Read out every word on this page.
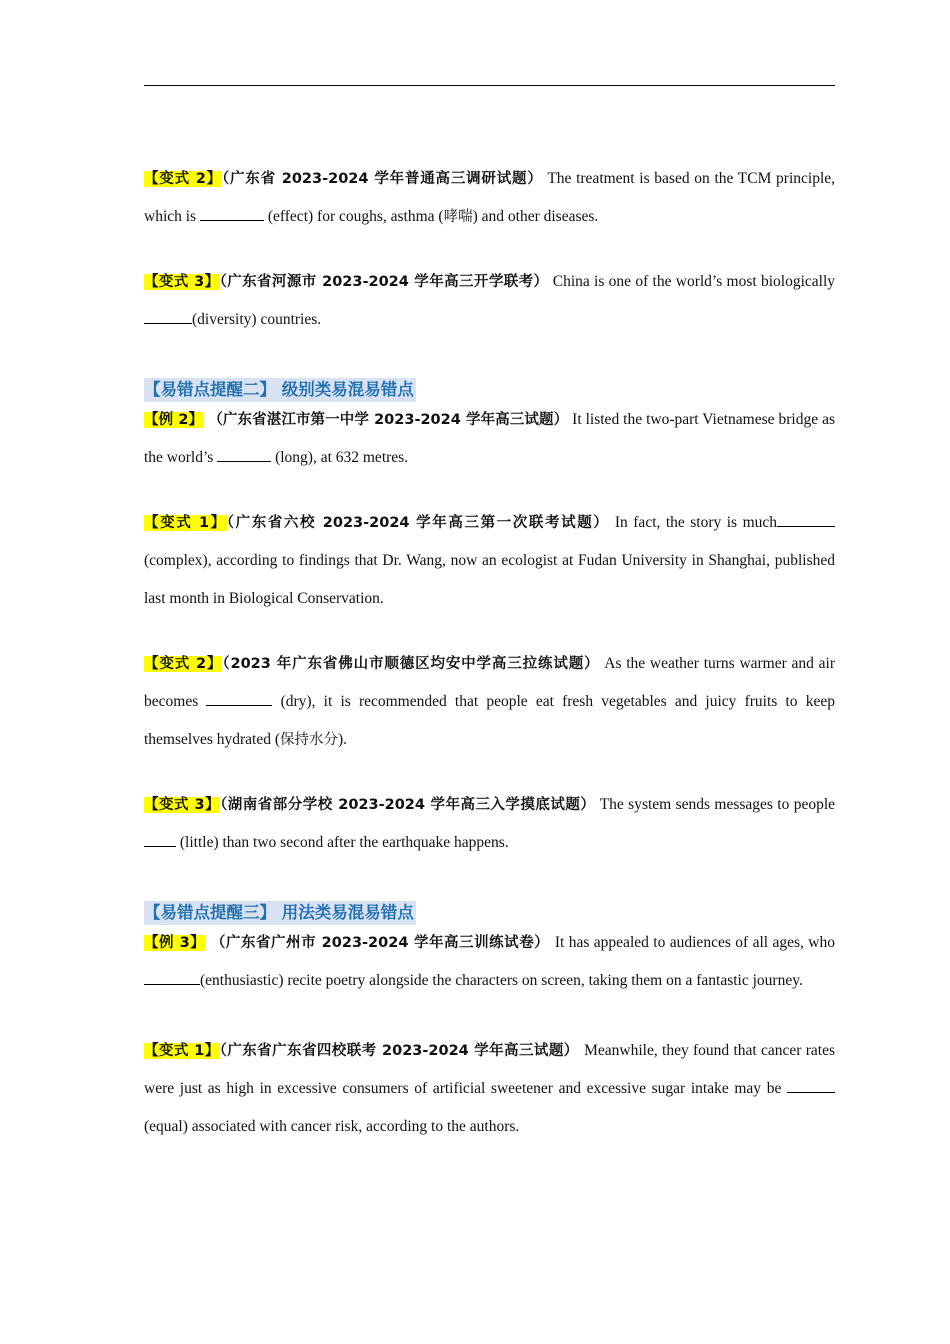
【变式 2】（广东省 2023-2024 学年普通高三调研试题） The treatment is based on the TCM principle, which is	(effect) for coughs, asthma (哮喘) and other diseases.

【变式 3】（广东省河源市 2023-2024 学年高三开学联考） China is one of the world’s most biologically (diversity) countries.

【易错点提醒二】 级别类易混易错点

【例 2】 （广东省湛江市第一中学 2023-2024 学年高三试题） It listed the two-part Vietnamese bridge as the world’s	(long), at 632 metres.

【变式 1】（广东省六校 2023-2024 学年高三第一次联考试题） In fact, the story is much (complex), according to findings that Dr. Wang, now an ecologist at Fudan University in Shanghai, published last month in Biological Conservation.

【变式 2】（2023 年广东省佛山市顺德区均安中学高三拉练试题） As the weather turns warmer and air becomes	(dry), it is recommended that people eat fresh vegetables and juicy fruits to keep themselves hydrated (保持水分).

【变式 3】（湖南省部分学校 2023-2024 学年高三入学摸底试题） The system sends messages to people  (little) than two second after the earthquake happens.

【易错点提醒三】 用法类易混易错点

【例 3】 （广东省广州市 2023-2024 学年高三训练试卷） It has appealed to audiences of all ages, who(enthusiastic) recite poetry alongside the characters on screen, taking them on a fantastic journey.

【变式 1】（广东省广东省四校联考 2023-2024 学年高三试题） Meanwhile, they found that cancer rates were just as high in excessive consumers of artificial sweetener and excessive sugar intake may be (equal) associated with cancer risk, according to the authors.
